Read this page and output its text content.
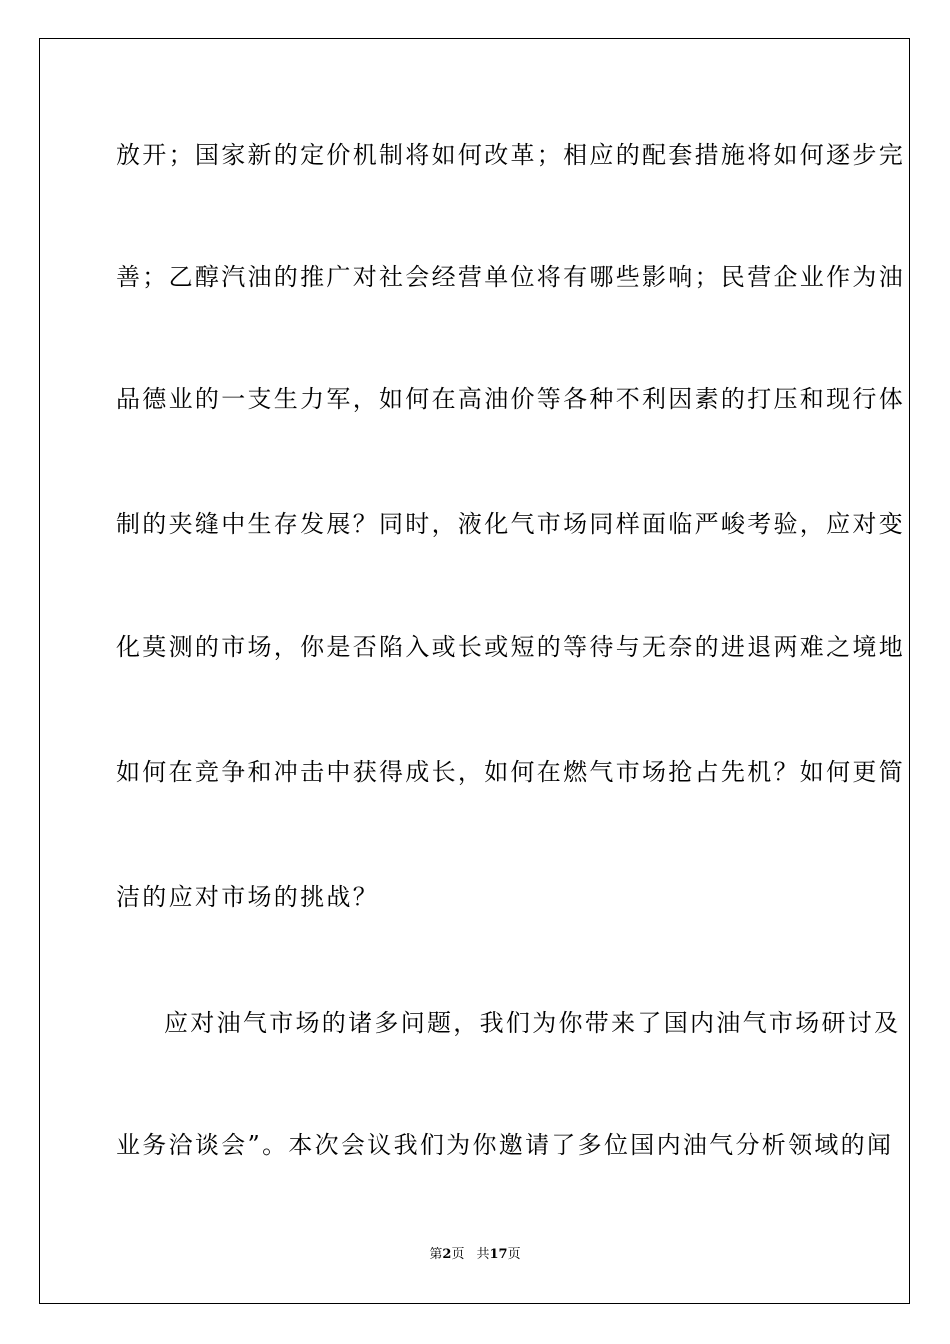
放开；国家新的定价机制将如何改革；相应的配套措施将如何逐步完
善；乙醇汽油的推广对社会经营单位将有哪些影响；民营企业作为油
品德业的一支生力军，如何在高油价等各种不利因素的打压和现行体
制的夹缝中生存发展？同时，液化气市场同样面临严峻考验，应对变
化莫测的市场，你是否陷入或长或短的等待与无奈的进退两难之境地
如何在竞争和冲击中获得成长，如何在燃气市场抢占先机？如何更简
洁的应对市场的挑战？
应对油气市场的诸多问题，我们为你带来了国内油气市场研讨及
业务洽谈会”。本次会议我们为你邀请了多位国内油气分析领域的闻
第2页 共17页
